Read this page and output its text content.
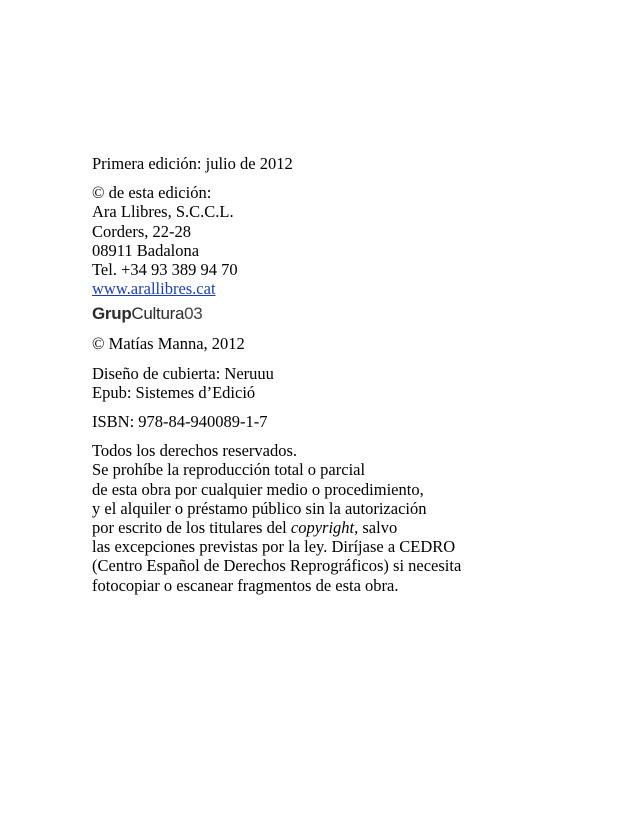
Primera edición: julio de 2012
© de esta edición:
Ara Llibres, S.C.C.L.
Corders, 22-28
08911 Badalona
Tel. +34 93 389 94 70
www.arallibres.cat
GrupCultura03
© Matías Manna, 2012
Diseño de cubierta: Neruuu
Epub: Sistemes d’Edició
ISBN: 978-84-940089-1-7
Todos los derechos reservados.
Se prohíbe la reproducción total o parcial
de esta obra por cualquier medio o procedimiento,
y el alquiler o préstamo público sin la autorización
por escrito de los titulares del copyright, salvo
las excepciones previstas por la ley. Diríjase a CEDRO
(Centro Español de Derechos Reprográficos) si necesita
fotocopiar o escanear fragmentos de esta obra.
